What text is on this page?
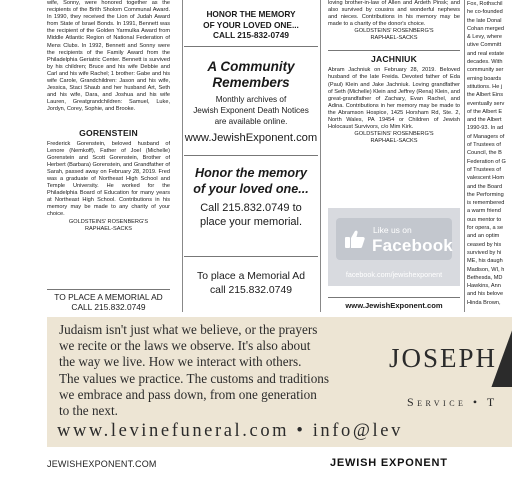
wife, Sonny, were honored together as the recipients of the Brith Sholom Communal Award. In 1990, they received the Lion of Judah Award from State of Israel Bonds. In 1991, Bennett was the recipient of the Golden Yarmulka Award from Middle Atlantic Region of National Federation of Mens Clubs. In 1992, Bennett and Sonny were the recipients of the Family Award from the Philadelphia Geriatric Center. Bennett is survived by his children; Bruce and his wife Debbie and Carl and his wife Rachel; 1 brother: Gabe and his wife Carole, Grandchildren: Jason and his wife, Jessica, Staci Shaub and her husband Art, Seth and his wife, Dara, and Joshua and his wife Lauren, Greatgrandchildren: Samuel, Luke, Jordyn, Corey, Sophie, and Brooke.

GORENSTEIN

Frederick Gorenstein, beloved husband of Lenore (Nemkoff), Father of Joel (Michelle) Gorenstein and Scott Gorenstein, Brother of Herbert (Barbara) Gorenstein, and Grandfather of Sarah, passed away on February 28, 2019. Fred was a graduate of Northeast High School and Temple University. He worked for the Philadelphia Board of Education for many years at Northeast High School. Contributions in his memory may be made to any charity of your choice.

GOLDSTEINS' ROSENBERG'S

RAPHAEL-SACKS

TO PLACE A MEMORIAL AD
CALL 215.832.0749
HONOR THE MEMORY
OF YOUR LOVED ONE...
CALL 215-832-0749
A Community
Remembers
Monthly archives of
Jewish Exponent Death Notices
are available online.
www.JewishExponent.com
Honor the memory
of your loved one...
Call 215.832.0749 to
place your memorial.
To place a Memorial Ad
call 215.832.0749

loving brother-in-law of Allen and Ardeth Pinsk; and also survived by cousins and wonderful nephews and nieces. Contributions in his memory may be made to a charity of the donor's choice.

GOLDSTEINS' ROSENBERG'S

RAPHAEL-SACKS

JACHNIUK

Abram Jachniuk on February 28, 2019. Beloved husband of the late Freida. Devoted father of Eda (Paul) Klein and Jake Jachniuk. Loving grandfather of Seth (Michelle) Klein and Jeffrey (Rena) Klein, and great-grandfather of Zachary, Evan Rachel, and Adina. Contributions in her memory may be made to the Abramson Hospice, 1425 Horsham Rd, Ste. 2, North Wales, PA 19454 or Children of Jewish Holocaust Survivors, c/o Mim Kirk.

GOLDSTEINS' ROSENBERG'S

RAPHAEL-SACKS

Like us on
Facebook
facebook.com/jewishexponent
www.JewishExponent.com
Fox, Rothschil
he co-founded
the late Donal
Cohan merged
& Levy, where
utive Committ
and real estate
decades. With
community ser
erning boards
stitutions. He j
the Albert Eins
eventually serv
of the Albert E
and the Albert
1990-93. In ad
of Managers of
of Trustees of
Council, the B
Federation of G
of Trustees of
valescent Hom
and the Board
the Performing
is remembered
a warm friend
ous mentor to
for opera, a se
and an optim
ceased by his
survived by hi
ME, his daugh
Madison, WI, h
Bethesda, MD
Hawkins, Ann
and his belove
Hinda Brown,
Judaism isn't just what we believe, or the prayers
we recite or the laws we observe. It's also about
the way we live. How we interact with others.
The values we practice. The customs and traditions
we embrace and pass down, from one generation
to the next.
JOSEPH
Service • T
www.levinefuneral.com • info@lev
JEWISHEXPONENT.COM	JEWISH EXPONENT
